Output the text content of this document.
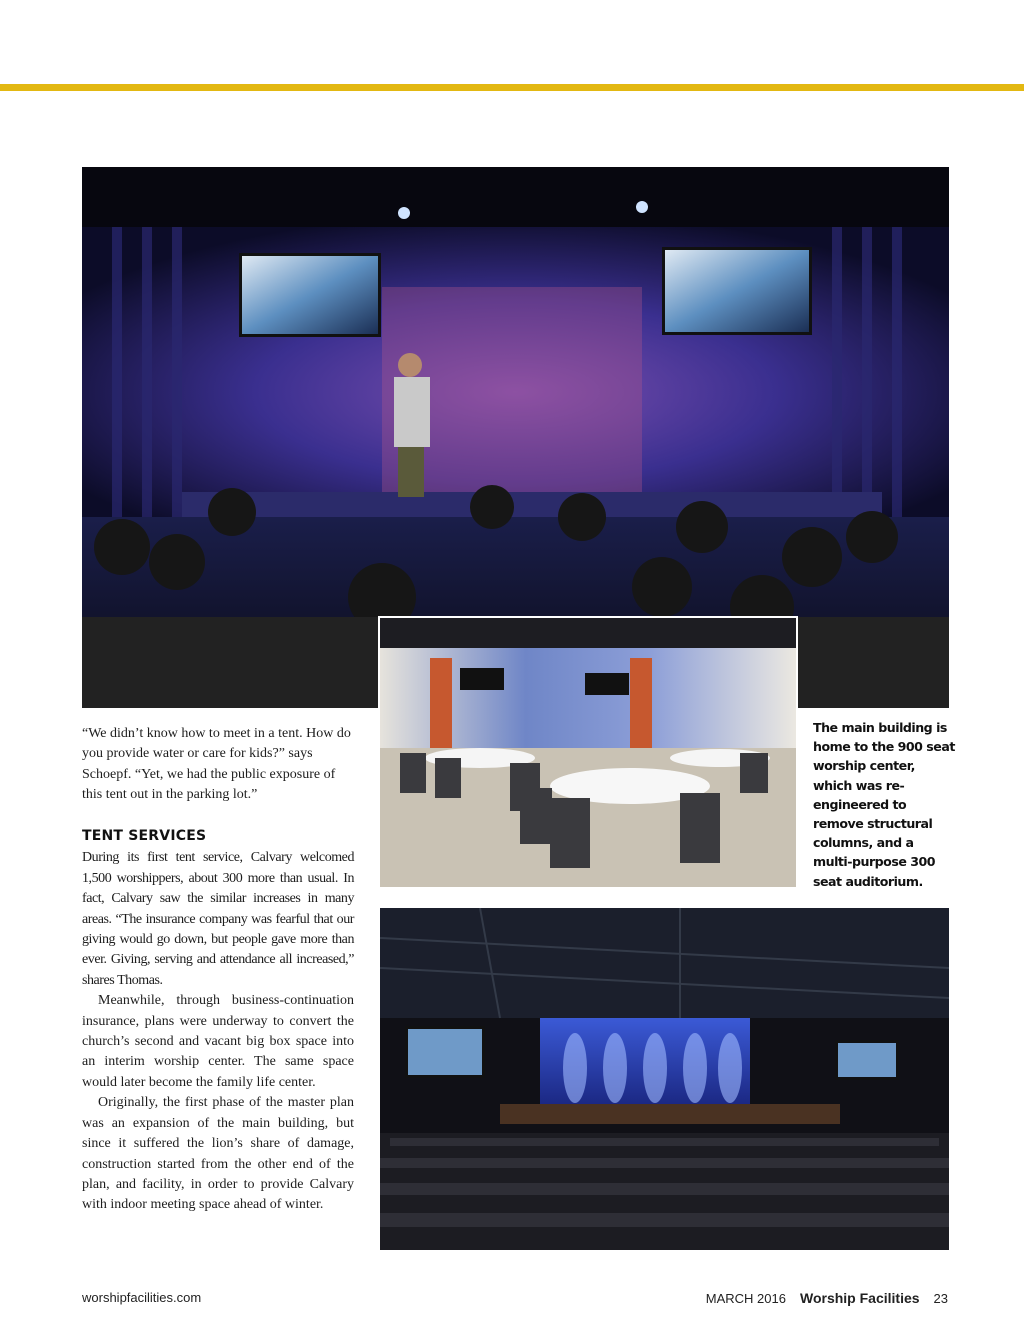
The main building is home to the 900 seat worship center, which was re-engineered to remove structural columns, and a multi-purpose 300 seat auditorium.

“We didn’t know how to meet in a tent. How do you provide water or care for kids?” says Schoepf. “Yet, we had the public exposure of this tent out in the parking lot.”

TENT SERVICES

During its first tent service, Calvary welcomed 1,500 worshippers, about 300 more than usual. In fact, Calvary saw the similar increases in many areas. “The insurance company was fearful that our giving would go down, but people gave more than ever. Giving, serving and attendance all increased,” shares Thomas.

Meanwhile, through business-continuation insurance, plans were underway to convert the church’s second and vacant big box space into an interim worship center. The same space would later become the family life center.

Originally, the first phase of the master plan was an expansion of the main building, but since it suffered the lion’s share of damage, construction started from the other end of the plan, and facility, in order to provide Calvary with indoor meeting space ahead of winter.

worshipfacilities.com	MARCH 2016 Worship Facilities 23
